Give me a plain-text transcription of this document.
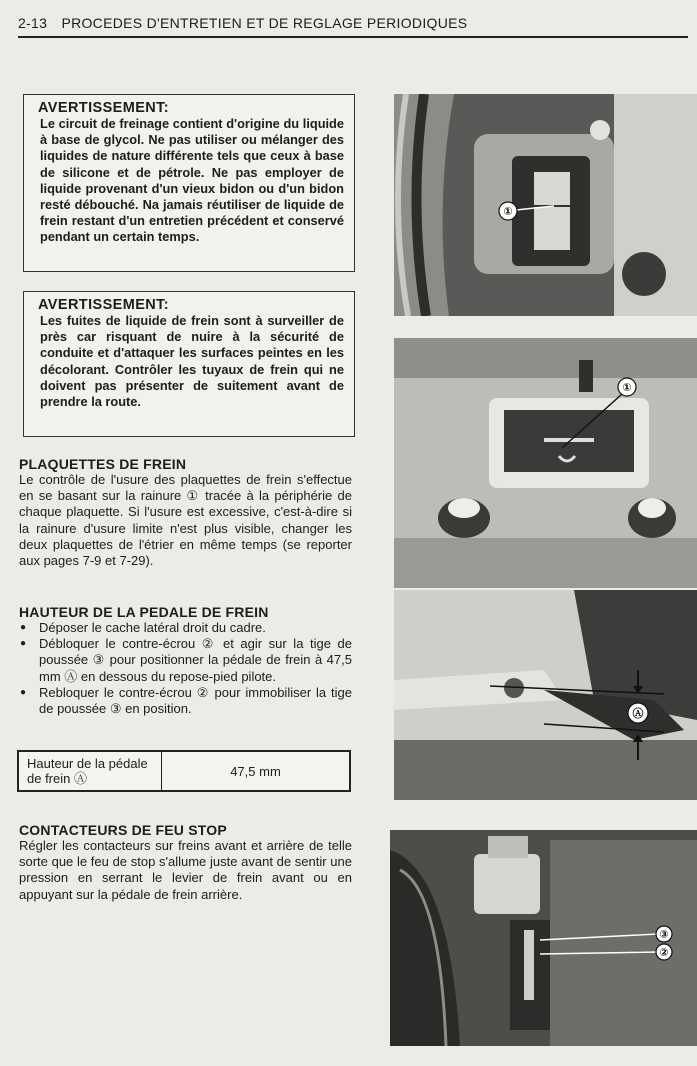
2-13 PROCEDES D'ENTRETIEN ET DE REGLAGE PERIODIQUES
AVERTISSEMENT:
Le circuit de freinage contient d'origine du liquide à base de glycol. Ne pas utiliser ou mélanger des liquides de nature différente tels que ceux à base de silicone et de pétrole. Ne pas employer de liquide provenant d'un vieux bidon ou d'un bidon resté débouché. Na jamais réutiliser de liquide de frein restant d'un entretien précédent et conservé pendant un certain temps.
AVERTISSEMENT:
Les fuites de liquide de frein sont à surveiller de près car risquant de nuire à la sécurité de conduite et d'attaquer les surfaces peintes en les décolorant. Contrôler les tuyaux de frein qui ne doivent pas présenter de suitement avant de prendre la route.
PLAQUETTES DE FREIN
Le contrôle de l'usure des plaquettes de frein s'effectue en se basant sur la rainure ① tracée à la périphérie de chaque plaquette. Si l'usure est excessive, c'est-à-dire si la rainure d'usure limite n'est plus visible, changer les deux plaquettes de l'étrier en même temps (se reporter aux pages 7-9 et 7-29).
HAUTEUR DE LA PEDALE DE FREIN
● Déposer le cache latéral droit du cadre.
● Débloquer le contre-écrou ② et agir sur la tige de poussée ③ pour positionner la pédale de frein à 47,5 mm Ⓐ en dessous du repose-pied pilote.
● Rebloquer le contre-écrou ② pour immobiliser la tige de poussée ③ en position.
Hauteur de la pédale de frein Ⓐ	47,5 mm
CONTACTEURS DE FEU STOP
Régler les contacteurs sur freins avant et arrière de telle sorte que le feu de stop s'allume juste avant de sentir une pression en serrant le levier de frein avant ou en appuyant sur la pédale de frein arrière.
①
①
Ⓐ
③
②
